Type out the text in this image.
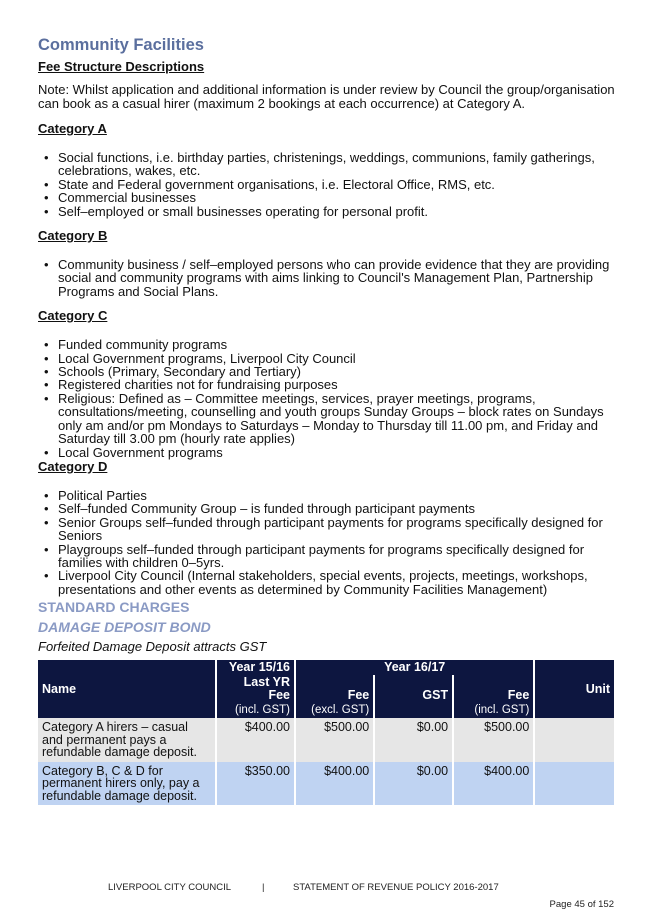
Community Facilities
Fee Structure Descriptions

Note: Whilst application and additional information is under review by Council the group/organisation can book as a casual hirer (maximum 2 bookings at each occurrence) at Category A.

Category A
• Social functions, i.e. birthday parties, christenings, weddings, communions, family gatherings, celebrations, wakes, etc.
• State and Federal government organisations, i.e. Electoral Office, RMS, etc.
• Commercial businesses
• Self–employed or small businesses operating for personal profit.
Category B
• Community business / self–employed persons who can provide evidence that they are providing social and community programs with aims linking to Council's Management Plan, Partnership Programs and Social Plans.
Category C
• Funded community programs
• Local Government programs, Liverpool City Council
• Schools (Primary, Secondary and Tertiary)
• Registered charities not for fundraising purposes
• Religious: Defined as – Committee meetings, services, prayer meetings, programs, consultations/meeting, counselling and youth groups Sunday Groups – block rates on Sundays only am and/or pm Mondays to Saturdays – Monday to Thursday till 11.00 pm, and Friday and Saturday till 3.00 pm (hourly rate applies)
• Local Government programs
Category D
• Political Parties
• Self–funded Community Group – is funded through participant payments
• Senior Groups self–funded through participant payments for programs specifically designed for Seniors
• Playgroups self–funded through participant payments for programs specifically designed for families with children 0–5yrs.
• Liverpool City Council (Internal stakeholders, special events, projects, meetings, workshops, presentations and other events as determined by Community Facilities Management)
STANDARD CHARGES
DAMAGE DEPOSIT BOND
Forfeited Damage Deposit attracts GST
Name	Year 15/16	Year 16/17			Unit
	Last YR Fee	Fee	GST	Fee	
	(incl. GST)	(excl. GST)		(incl. GST)	
Category A hirers – casual and permanent pays a refundable damage deposit.	$400.00	$500.00	$0.00	$500.00	
Category B, C & D for permanent hirers only, pay a refundable damage deposit.	$350.00	$400.00	$0.00	$400.00	
LIVERPOOL CITY COUNCIL	|	STATEMENT OF REVENUE POLICY 2016-2017
Page 45 of 152
